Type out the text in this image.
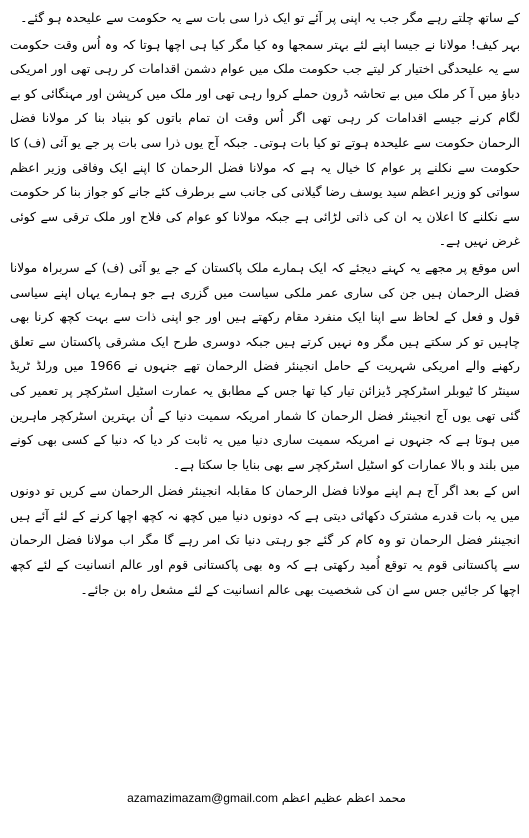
کے ساتھ چلتے رہے مگر جب یہ اپنی پر آئے تو ایک ذرا سی بات سے یہ حکومت سے علیحدہ ہو گئے۔

بہر کیف! مولانا نے جیسا اپنے لئے بہتر سمجھا وہ کیا مگر کیا ہی اچھا ہوتا کہ وہ اُس وقت حکومت سے یہ علیحدگی اختیار کر لیتے جب حکومت ملک میں عوام دشمن اقدامات کر رہی تھی اور امریکی دباؤ میں آ کر ملک میں بے تحاشہ ڈرون حملے کروا رہی تھی اور ملک میں کرپشن اور مہنگائی کو بے لگام کرنے جیسے اقدامات کر رہی تھی اگر اُس وقت ان تمام باتوں کو بنیاد بنا کر مولانا فضل الرحمان حکومت سے علیحدہ ہوتے تو کیا بات ہوتی۔ جبکہ آج یوں ذرا سی بات پر جے یو آئی (ف) کا حکومت سے نکلنے پر عوام کا خیال یہ ہے کہ مولانا فضل الرحمان کا اپنے ایک وفاقی وزیر اعظم سواتی کو وزیر اعظم سید یوسف رضا گیلانی کی جانب سے برطرف کئے جانے کو جواز بنا کر حکومت سے نکلنے کا اعلان یہ ان کی ذاتی لڑائی ہے جبکہ مولانا کو عوام کی فلاح اور ملک ترقی سے کوئی غرض نہیں ہے۔

اس موقع پر مجھے یہ کہنے دیجئے کہ ایک ہمارے ملک پاکستان کے جے یو آئی (ف) کے سربراہ مولانا فضل الرحمان ہیں جن کی ساری عمر ملکی سیاست میں گزری ہے جو ہمارے یہاں اپنے سیاسی قول و فعل کے لحاظ سے اپنا ایک منفرد مقام رکھتے ہیں اور جو اپنی ذات سے بہت کچھ کرنا بھی چاہیں تو کر سکتے ہیں مگر وہ نہیں کرتے ہیں جبکہ دوسری طرح ایک مشرقی پاکستان سے تعلق رکھنے والے امریکی شہریت کے حامل انجینئر فضل الرحمان تھے جنہوں نے 1966 میں ورلڈ ٹریڈ سینٹر کا ٹیوبلر اسٹرکچر ڈیزائن تیار کیا تھا جس کے مطابق یہ عمارت اسٹیل اسٹرکچر پر تعمیر کی گئی تھی یوں آج انجینئر فضل الرحمان کا شمار امریکہ سمیت دنیا کے اُن بہترین اسٹرکچر ماہرین میں ہوتا ہے کہ جنہوں نے امریکہ سمیت ساری دنیا میں یہ ثابت کر دیا کہ دنیا کے کسی بھی کونے میں بلند و بالا عمارات کو اسٹیل اسٹرکچر سے بھی بنایا جا سکتا ہے۔

اس کے بعد اگر آج ہم اپنے مولانا فضل الرحمان کا مقابلہ انجینئر فضل الرحمان سے کریں تو دونوں میں یہ بات قدرے مشترک دکھائی دیتی ہے کہ دونوں دنیا میں کچھ نہ کچھ اچھا کرنے کے لئے آئے ہیں انجینئر فضل الرحمان تو وہ کام کر گئے جو رہتی دنیا تک امر رہے گا مگر اب مولانا فضل الرحمان سے پاکستانی قوم یہ توقع اُمید رکھتی ہے کہ وہ بھی پاکستانی قوم اور عالم انسانیت کے لئے کچھ اچھا کر جائیں جس سے ان کی شخصیت بھی عالم انسانیت کے لئے مشعل راہ بن جائے۔

azamazimazam@gmail.com محمد اعظم عظیم اعظم
